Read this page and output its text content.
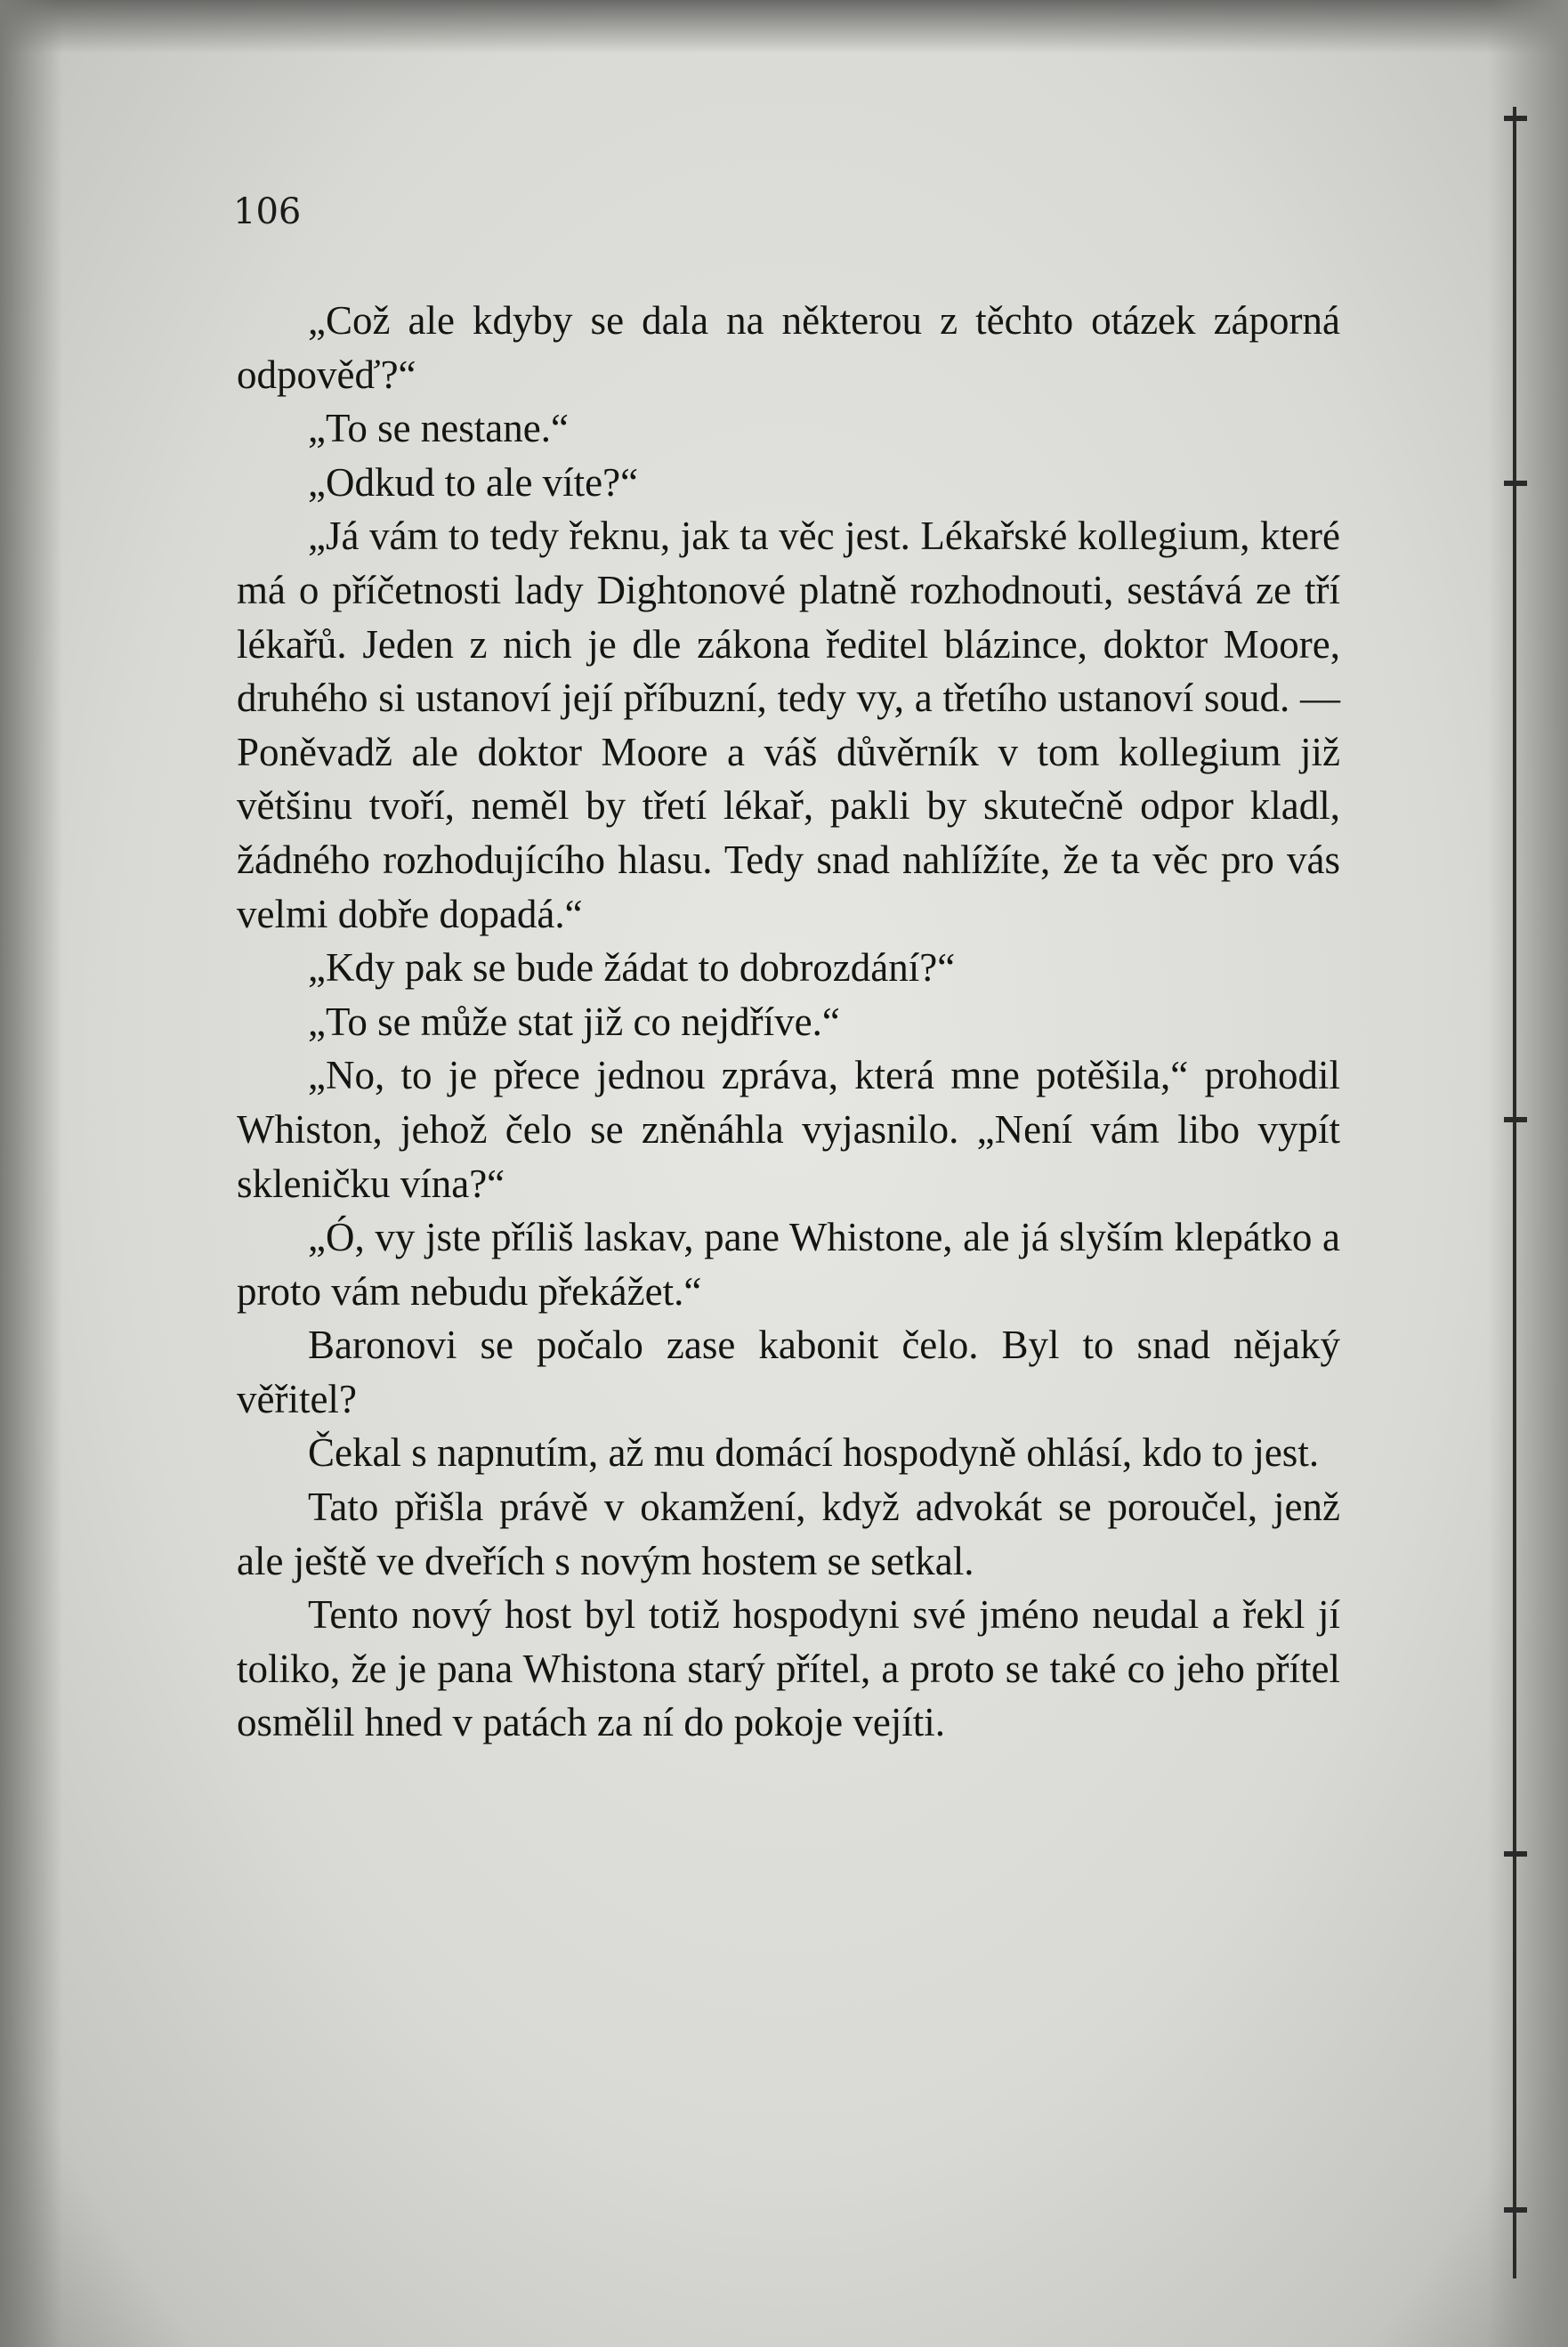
106

„Což ale kdyby se dala na některou z těchto otázek záporná odpověď?“

„To se nestane.“

„Odkud to ale víte?“

„Já vám to tedy řeknu, jak ta věc jest. Lékařské kollegium, které má o příčetnosti lady Dightonové platně rozhodnouti, sestává ze tří lékařů. Jeden z nich je dle zákona ředitel blázince, doktor Moore, druhého si ustanoví její příbuzní, tedy vy, a třetího ustanoví soud. — Poněvadž ale doktor Moore a váš důvěrník v tom kollegium již většinu tvoří, neměl by třetí lékař, pakli by skutečně odpor kladl, žádného rozhodujícího hlasu. Tedy snad nahlížíte, že ta věc pro vás velmi dobře dopadá.“

„Kdy pak se bude žádat to dobrozdání?“

„To se může stat již co nejdříve.“

„No, to je přece jednou zpráva, která mne potěšila,“ prohodil Whiston, jehož čelo se zněnáhla vyjasnilo. „Není vám libo vypít skleničku vína?“

„Ó, vy jste příliš laskav, pane Whistone, ale já slyším klepátko a proto vám nebudu překážet.“

Baronovi se počalo zase kabonit čelo. Byl to snad nějaký věřitel?

Čekal s napnutím, až mu domácí hospodyně ohlásí, kdo to jest.

Tato přišla právě v okamžení, když advokát se poroučel, jenž ale ještě ve dveřích s novým hostem se setkal.

Tento nový host byl totiž hospodyni své jméno neudal a řekl jí toliko, že je pana Whistona starý přítel, a proto se také co jeho přítel osmělil hned v patách za ní do pokoje vejíti.
